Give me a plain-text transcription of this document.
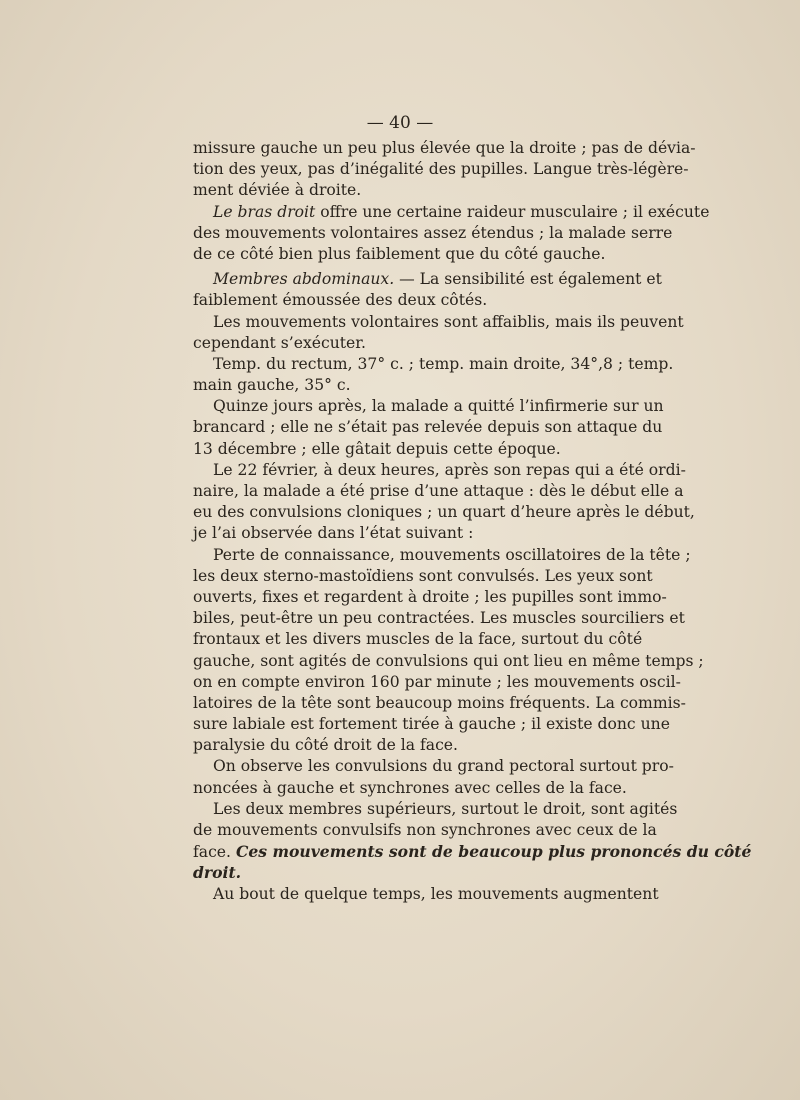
— 40 —
missure gauche un peu plus élevée que la droite ; pas de dévia-
tion des yeux, pas d’inégalité des pupilles. Langue très-légère-
ment déviée à droite.
Le bras droit offre une certaine raideur musculaire ; il exécute
des mouvements volontaires assez étendus ; la malade serre
de ce côté bien plus faiblement que du côté gauche.
Membres abdominaux. — La sensibilité est également et
faiblement émoussée des deux côtés.
Les mouvements volontaires sont affaiblis, mais ils peuvent
cependant s’exécuter.
Temp. du rectum, 37° c. ; temp. main droite, 34°,8 ; temp.
main gauche, 35° c.
Quinze jours après, la malade a quitté l’infirmerie sur un
brancard ; elle ne s’était pas relevée depuis son attaque du
13 décembre ; elle gâtait depuis cette époque.
Le 22 février, à deux heures, après son repas qui a été ordi-
naire, la malade a été prise d’une attaque : dès le début elle a
eu des convulsions cloniques ; un quart d’heure après le début,
je l’ai observée dans l’état suivant :
Perte de connaissance, mouvements oscillatoires de la tête ;
les deux sterno-mastoïdiens sont convulsés. Les yeux sont
ouverts, fixes et regardent à droite ; les pupilles sont immo-
biles, peut-être un peu contractées. Les muscles sourciliers et
frontaux et les divers muscles de la face, surtout du côté
gauche, sont agités de convulsions qui ont lieu en même temps ;
on en compte environ 160 par minute ; les mouvements oscil-
latoires de la tête sont beaucoup moins fréquents. La commis-
sure labiale est fortement tirée à gauche ; il existe donc une
paralysie du côté droit de la face.
On observe les convulsions du grand pectoral surtout pro-
noncées à gauche et synchrones avec celles de la face.
Les deux membres supérieurs, surtout le droit, sont agités
de mouvements convulsifs non synchrones avec ceux de la
face. Ces mouvements sont de beaucoup plus prononcés du côté
droit.
Au bout de quelque temps, les mouvements augmentent
